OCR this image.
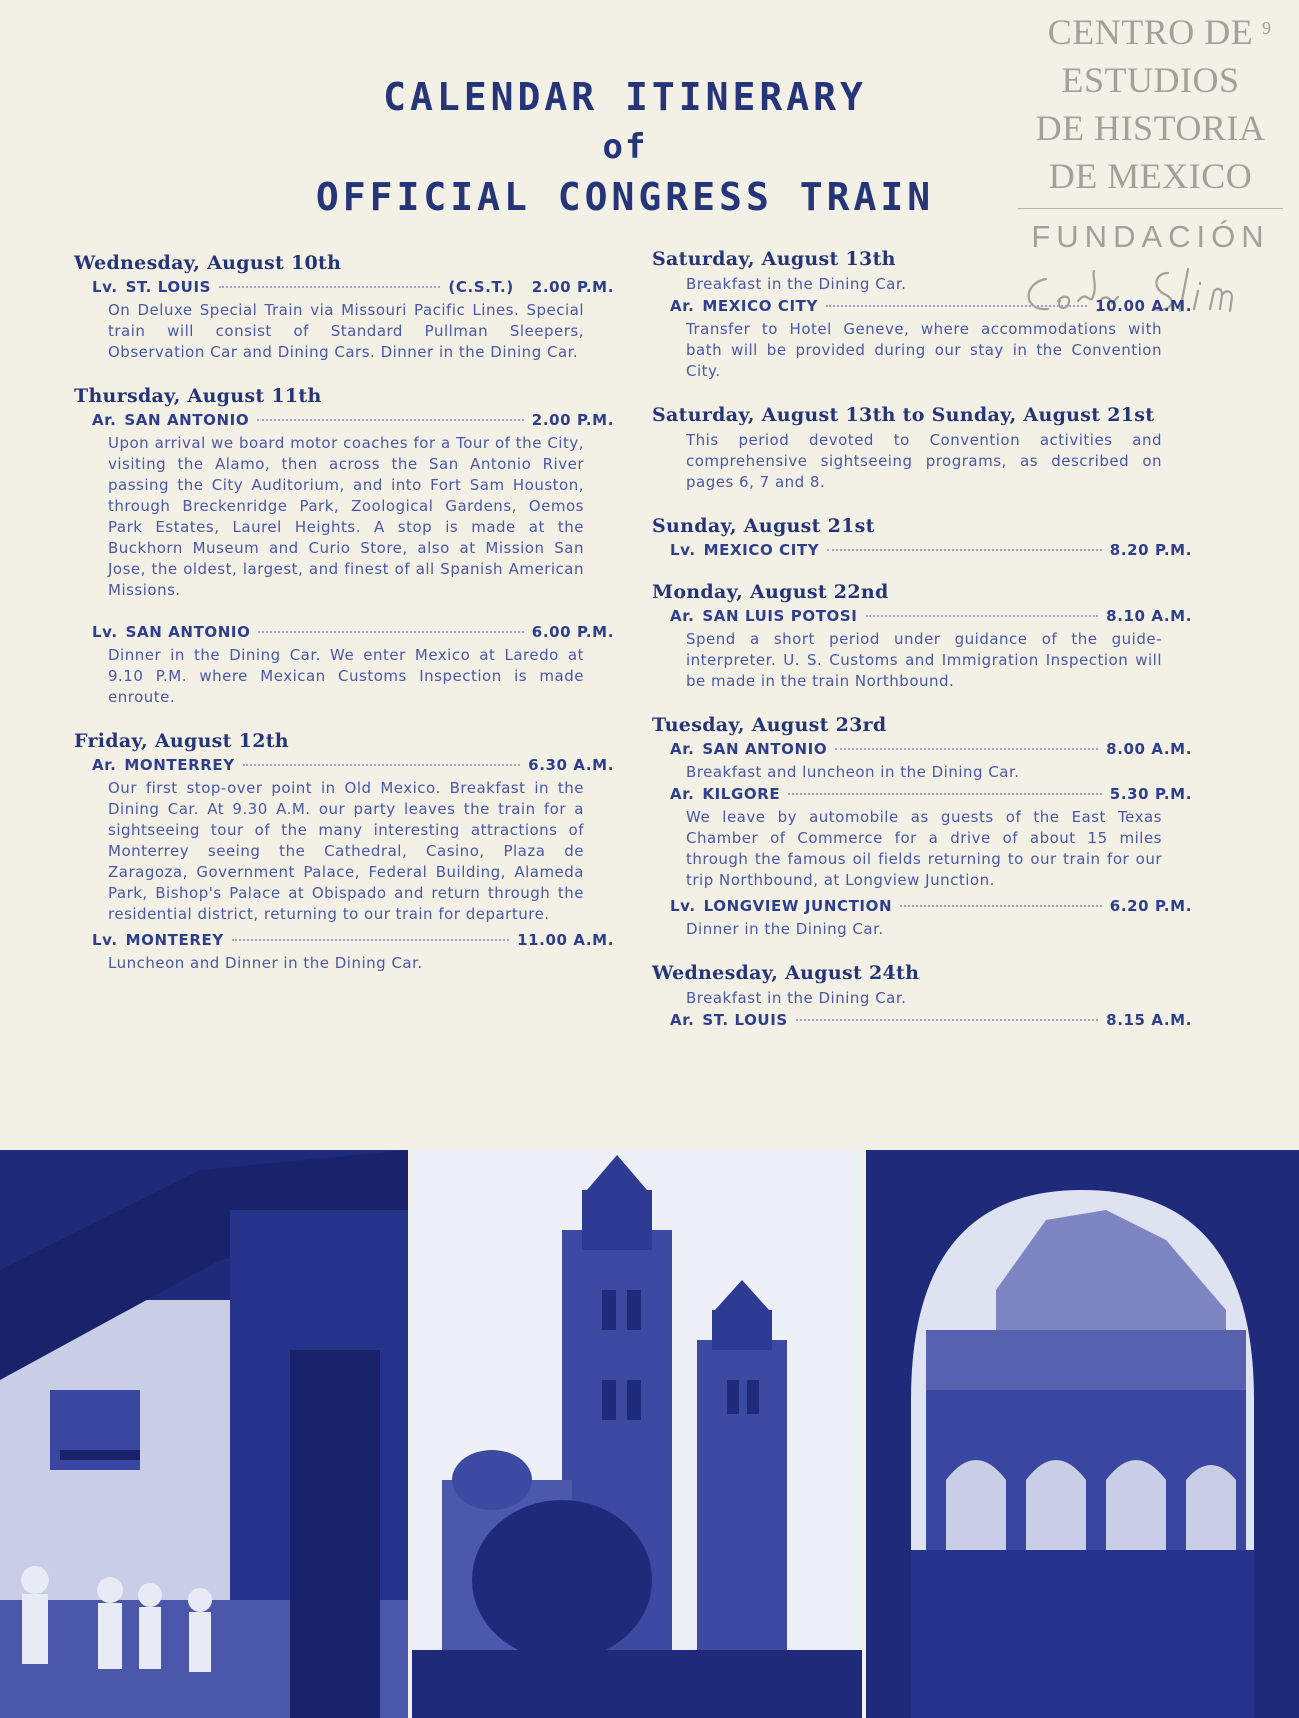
CENTRO DE
ESTUDIOS
DE HISTORIA
DE MEXICO
FUNDACIÓN
9
CALENDAR ITINERARY
of
OFFICIAL CONGRESS TRAIN
Wednesday, August 10th
Lv. ST. LOUIS	(C.S.T.) 2.00 P.M.
On Deluxe Special Train via Missouri Pacific Lines. Special train will consist of Standard Pullman Sleepers, Observation Car and Dining Cars. Dinner in the Dining Car.
Thursday, August 11th
Ar. SAN ANTONIO	2.00 P.M.
Upon arrival we board motor coaches for a Tour of the City, visiting the Alamo, then across the San Antonio River passing the City Auditorium, and into Fort Sam Houston, through Breckenridge Park, Zoological Gardens, Oemos Park Estates, Laurel Heights. A stop is made at the Buckhorn Museum and Curio Store, also at Mission San Jose, the oldest, largest, and finest of all Spanish American Missions.
Lv. SAN ANTONIO	6.00 P.M.
Dinner in the Dining Car. We enter Mexico at Laredo at 9.10 P.M. where Mexican Customs Inspection is made enroute.
Friday, August 12th
Ar. MONTERREY	6.30 A.M.
Our first stop-over point in Old Mexico. Breakfast in the Dining Car. At 9.30 A.M. our party leaves the train for a sightseeing tour of the many interesting attractions of Monterrey seeing the Cathedral, Casino, Plaza de Zaragoza, Government Palace, Federal Building, Alameda Park, Bishop's Palace at Obispado and return through the residential district, returning to our train for departure.
Lv. MONTEREY	11.00 A.M.
Luncheon and Dinner in the Dining Car.
Saturday, August 13th
Breakfast in the Dining Car.
Ar. MEXICO CITY	10.00 A.M.
Transfer to Hotel Geneve, where accommodations with bath will be provided during our stay in the Convention City.
Saturday, August 13th to Sunday, August 21st
This period devoted to Convention activities and comprehensive sightseeing programs, as described on pages 6, 7 and 8.
Sunday, August 21st
Lv. MEXICO CITY	8.20 P.M.
Monday, August 22nd
Ar. SAN LUIS POTOSI	8.10 A.M.
Spend a short period under guidance of the guide-interpreter. U. S. Customs and Immigration Inspection will be made in the train Northbound.
Tuesday, August 23rd
Ar. SAN ANTONIO	8.00 A.M.
Breakfast and luncheon in the Dining Car.
Ar. KILGORE	5.30 P.M.
We leave by automobile as guests of the East Texas Chamber of Commerce for a drive of about 15 miles through the famous oil fields returning to our train for our trip Northbound, at Longview Junction.
Lv. LONGVIEW JUNCTION	6.20 P.M.
Dinner in the Dining Car.
Wednesday, August 24th
Breakfast in the Dining Car.
Ar. ST. LOUIS	8.15 A.M.
